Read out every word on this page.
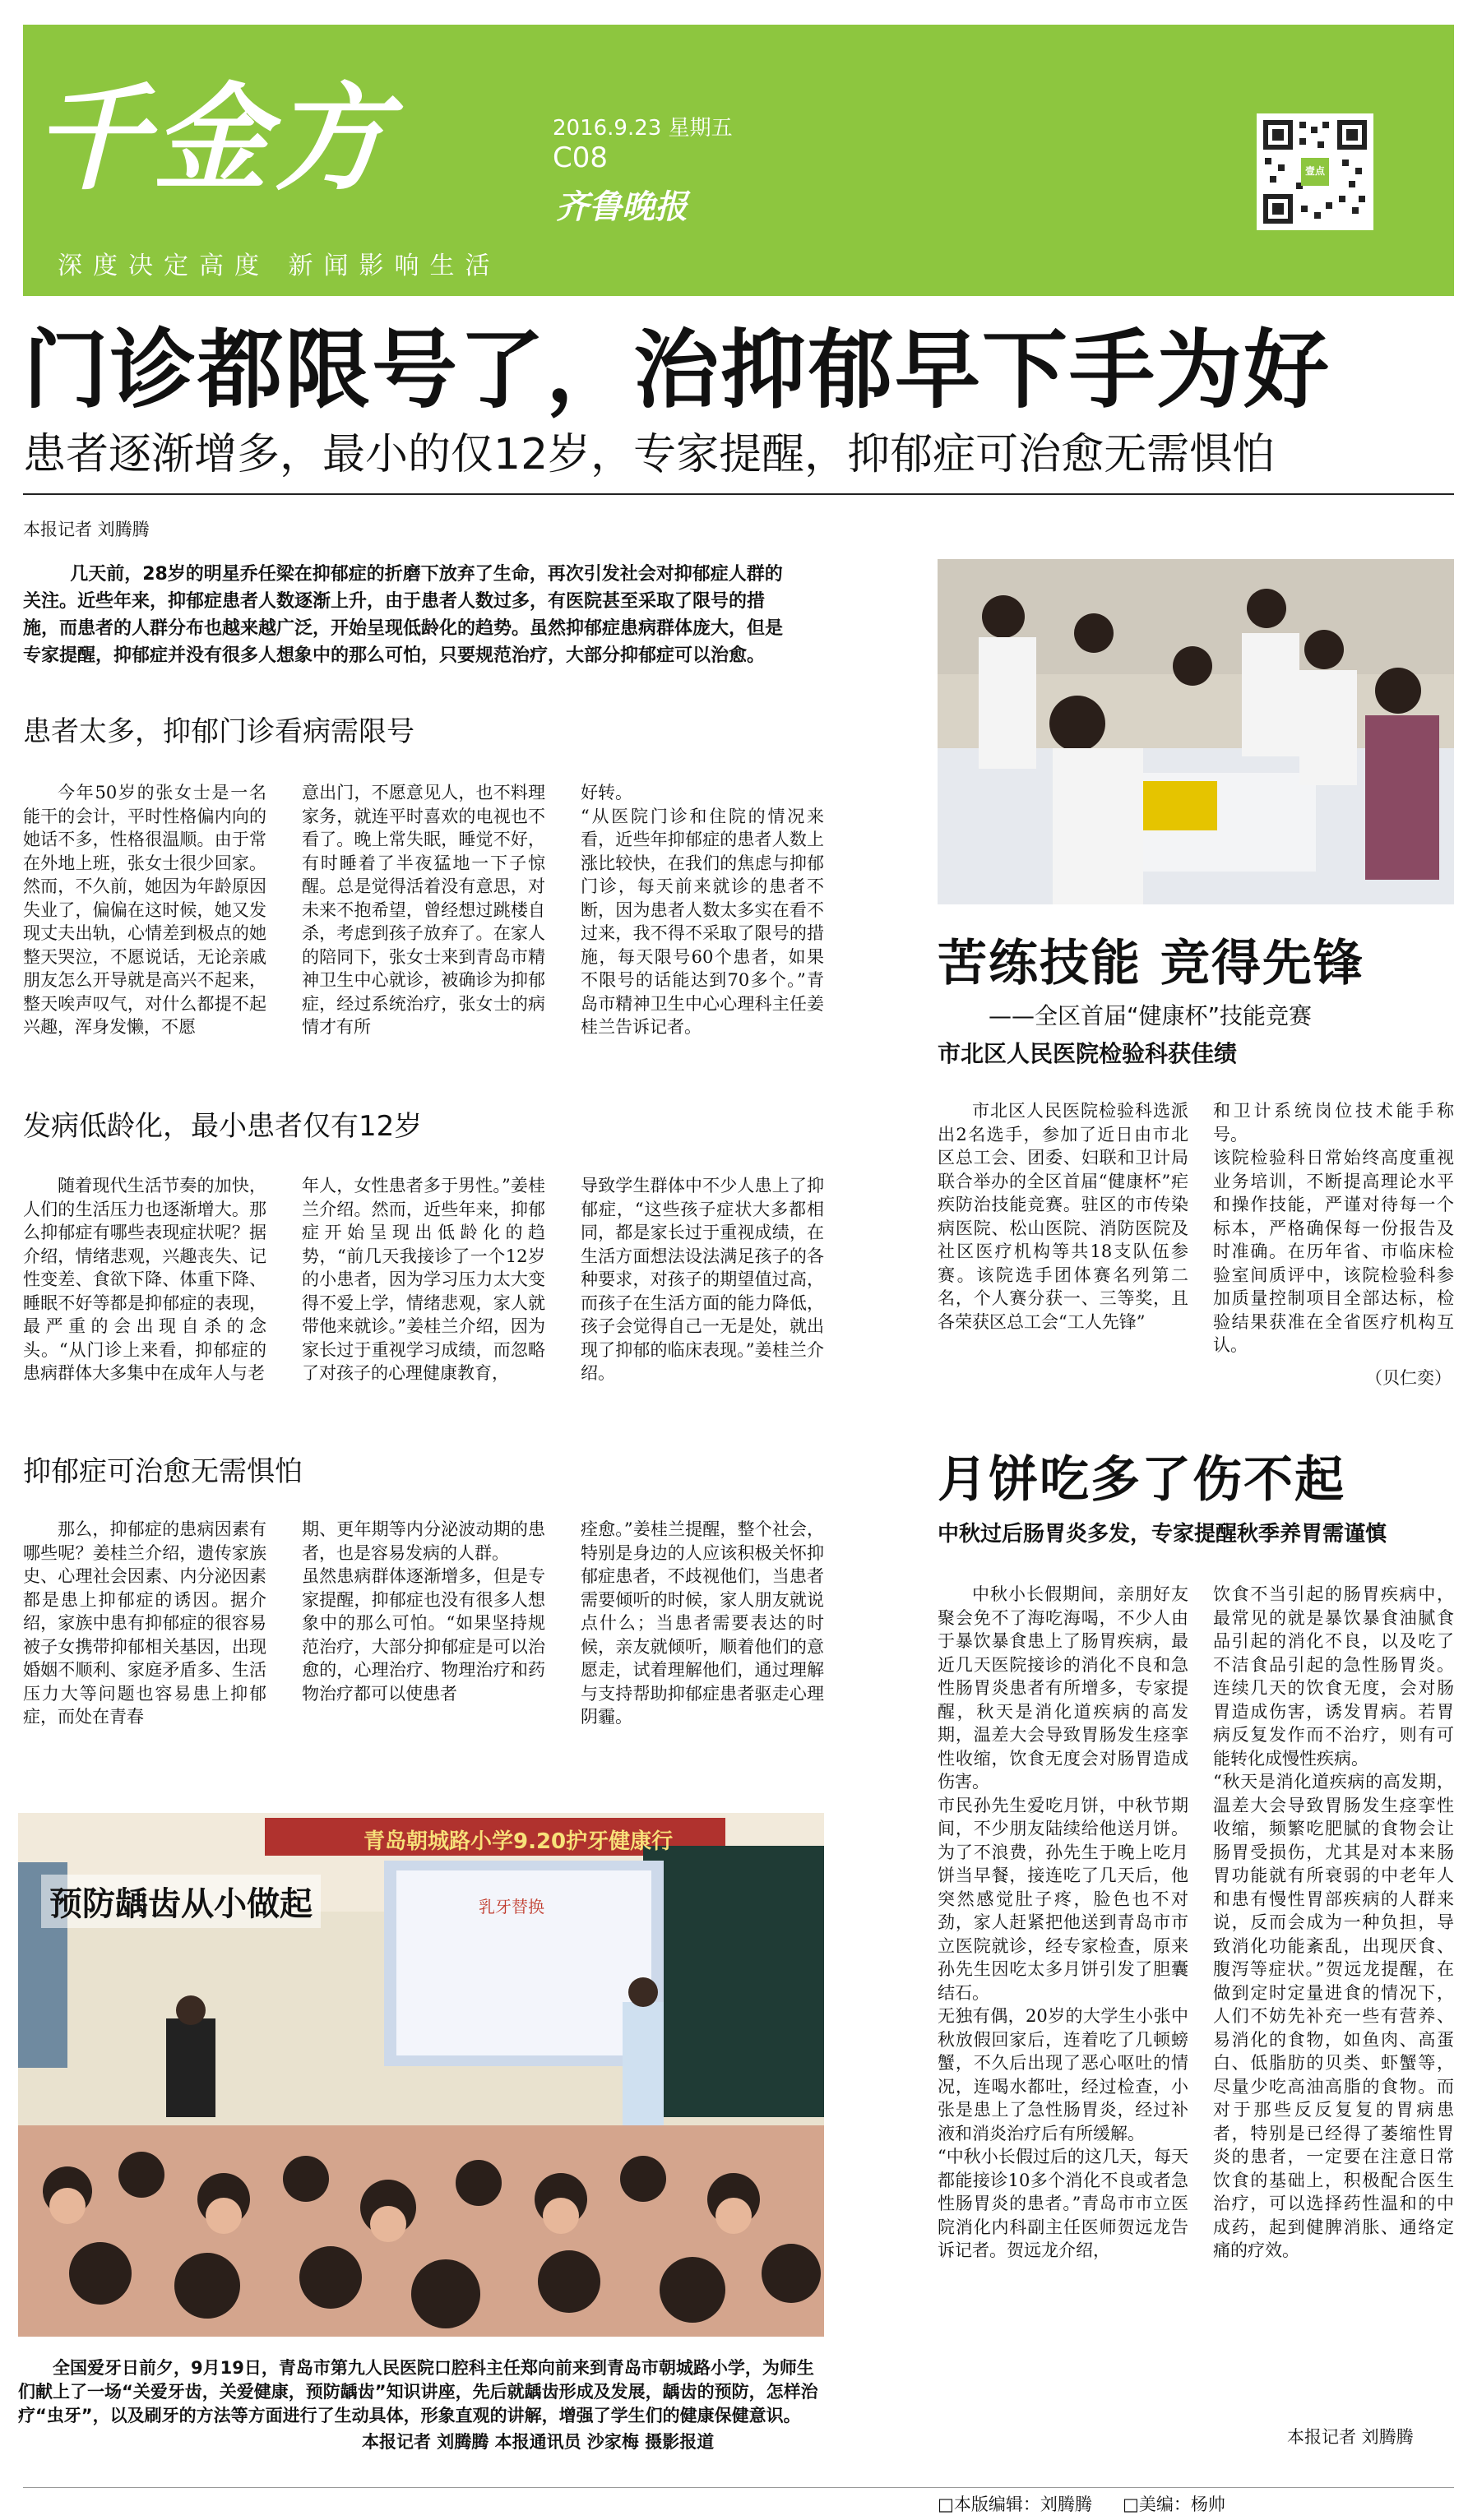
千金方	2016.9.23 星期五
C08
齐鲁晚报
深度决定高度 新闻影响生活
壹点
门诊都限号了，治抑郁早下手为好
患者逐渐增多，最小的仅12岁，专家提醒，抑郁症可治愈无需惧怕
本报记者 刘腾腾
几天前，28岁的明星乔任梁在抑郁症的折磨下放弃了生命，再次引发社会对抑郁症人群的关注。近些年来，抑郁症患者人数逐渐上升，由于患者人数过多，有医院甚至采取了限号的措施，而患者的人群分布也越来越广泛，开始呈现低龄化的趋势。虽然抑郁症患病群体庞大，但是专家提醒，抑郁症并没有很多人想象中的那么可怕，只要规范治疗，大部分抑郁症可以治愈。
患者太多，抑郁门诊看病需限号
今年50岁的张女士是一名能干的会计，平时性格偏内向的她话不多，性格很温顺。由于常在外地上班，张女士很少回家。然而，不久前，她因为年龄原因失业了，偏偏在这时候，她又发现丈夫出轨，心情差到极点的她整天哭泣，不愿说话，无论亲戚朋友怎么开导就是高兴不起来，整天唉声叹气，对什么都提不起兴趣，浑身发懒，不愿
意出门，不愿意见人，也不料理家务，就连平时喜欢的电视也不看了。晚上常失眠，睡觉不好，有时睡着了半夜猛地一下子惊醒。总是觉得活着没有意思，对未来不抱希望，曾经想过跳楼自杀，考虑到孩子放弃了。在家人的陪同下，张女士来到青岛市精神卫生中心就诊，被确诊为抑郁症，经过系统治疗，张女士的病情才有所
好转。
“从医院门诊和住院的情况来看，近些年抑郁症的患者人数上涨比较快，在我们的焦虑与抑郁门诊，每天前来就诊的患者不断，因为患者人数太多实在看不过来，我不得不采取了限号的措施，每天限号60个患者，如果不限号的话能达到70多个。”青岛市精神卫生中心心理科主任姜桂兰告诉记者。
发病低龄化，最小患者仅有12岁
随着现代生活节奏的加快，人们的生活压力也逐渐增大。那么抑郁症有哪些表现症状呢？据介绍，情绪悲观，兴趣丧失、记性变差、食欲下降、体重下降、睡眠不好等都是抑郁症的表现，最严重的会出现自杀的念头。“从门诊上来看，抑郁症的患病群体大多集中在成年人与老
年人，女性患者多于男性。”姜桂兰介绍。然而，近些年来，抑郁症开始呈现出低龄化的趋势，“前几天我接诊了一个12岁的小患者，因为学习压力太大变得不爱上学，情绪悲观，家人就带他来就诊。”姜桂兰介绍，因为家长过于重视学习成绩，而忽略了对孩子的心理健康教育，
导致学生群体中不少人患上了抑郁症，“这些孩子症状大多都相同，都是家长过于重视成绩，在生活方面想法设法满足孩子的各种要求，对孩子的期望值过高，而孩子在生活方面的能力降低，孩子会觉得自己一无是处，就出现了抑郁的临床表现。”姜桂兰介绍。
抑郁症可治愈无需惧怕
那么，抑郁症的患病因素有哪些呢？姜桂兰介绍，遗传家族史、心理社会因素、内分泌因素都是患上抑郁症的诱因。据介绍，家族中患有抑郁症的很容易被子女携带抑郁相关基因，出现婚姻不顺利、家庭矛盾多、生活压力大等问题也容易患上抑郁症，而处在青春
期、更年期等内分泌波动期的患者，也是容易发病的人群。
虽然患病群体逐渐增多，但是专家提醒，抑郁症也没有很多人想象中的那么可怕。“如果坚持规范治疗，大部分抑郁症是可以治愈的，心理治疗、物理治疗和药物治疗都可以使患者
痊愈。”姜桂兰提醒，整个社会，特别是身边的人应该积极关怀抑郁症患者，不歧视他们，当患者需要倾听的时候，家人朋友就说点什么；当患者需要表达的时候，亲友就倾听，顺着他们的意愿走，试着理解他们，通过理解与支持帮助抑郁症患者驱走心理阴霾。
青岛朝城路小学9.20护牙健康行
预防龋齿从小做起	乳牙替换
全国爱牙日前夕，9月19日，青岛市第九人民医院口腔科主任郑向前来到青岛市朝城路小学，为师生们献上了一场“关爱牙齿，关爱健康，预防龋齿”知识讲座，先后就龋齿形成及发展，龋齿的预防，怎样治疗“虫牙”，以及刷牙的方法等方面进行了生动具体，形象直观的讲解，增强了学生们的健康保健意识。
本报记者 刘腾腾 本报通讯员 沙家梅 摄影报道
苦练技能 竞得先锋
——全区首届“健康杯”技能竞赛
市北区人民医院检验科获佳绩
市北区人民医院检验科选派出2名选手，参加了近日由市北区总工会、团委、妇联和卫计局联合举办的全区首届“健康杯”疟疾防治技能竞赛。驻区的市传染病医院、松山医院、消防医院及社区医疗机构等共18支队伍参赛。该院选手团体赛名列第二名，个人赛分获一、三等奖，且各荣获区总工会“工人先锋”
和卫计系统岗位技术能手称号。
该院检验科日常始终高度重视业务培训，不断提高理论水平和操作技能，严谨对待每一个标本，严格确保每一份报告及时准确。在历年省、市临床检验室间质评中，该院检验科参加质量控制项目全部达标，检验结果获准在全省医疗机构互认。
（贝仁奕）
月饼吃多了伤不起
中秋过后肠胃炎多发，专家提醒秋季养胃需谨慎
中秋小长假期间，亲朋好友聚会免不了海吃海喝，不少人由于暴饮暴食患上了肠胃疾病，最近几天医院接诊的消化不良和急性肠胃炎患者有所增多，专家提醒，秋天是消化道疾病的高发期，温差大会导致胃肠发生痉挛性收缩，饮食无度会对肠胃造成伤害。
市民孙先生爱吃月饼，中秋节期间，不少朋友陆续给他送月饼。为了不浪费，孙先生于晚上吃月饼当早餐，接连吃了几天后，他突然感觉肚子疼，脸色也不对劲，家人赶紧把他送到青岛市市立医院就诊，经专家检查，原来孙先生因吃太多月饼引发了胆囊结石。
无独有偶，20岁的大学生小张中秋放假回家后，连着吃了几顿螃蟹，不久后出现了恶心呕吐的情况，连喝水都吐，经过检查，小张是患上了急性肠胃炎，经过补液和消炎治疗后有所缓解。
“中秋小长假过后的这几天，每天都能接诊10多个消化不良或者急性肠胃炎的患者。”青岛市市立医院消化内科副主任医师贺远龙告诉记者。贺远龙介绍，
饮食不当引起的肠胃疾病中，最常见的就是暴饮暴食油腻食品引起的消化不良，以及吃了不洁食品引起的急性肠胃炎。连续几天的饮食无度，会对肠胃造成伤害，诱发胃病。若胃病反复发作而不治疗，则有可能转化成慢性疾病。
“秋天是消化道疾病的高发期，温差大会导致胃肠发生痉挛性收缩，频繁吃肥腻的食物会让肠胃受损伤，尤其是对本来肠胃功能就有所衰弱的中老年人和患有慢性胃部疾病的人群来说，反而会成为一种负担，导致消化功能紊乱，出现厌食、腹泻等症状。”贺远龙提醒，在做到定时定量进食的情况下，人们不妨先补充一些有营养、易消化的食物，如鱼肉、高蛋白、低脂肪的贝类、虾蟹等，尽量少吃高油高脂的食物。而对于那些反反复复的胃病患者，特别是已经得了萎缩性胃炎的患者，一定要在注意日常饮食的基础上，积极配合医生治疗，可以选择药性温和的中成药，起到健脾消胀、通络定痛的疗效。
本报记者 刘腾腾
□本版编辑：刘腾腾 □美编：杨帅
